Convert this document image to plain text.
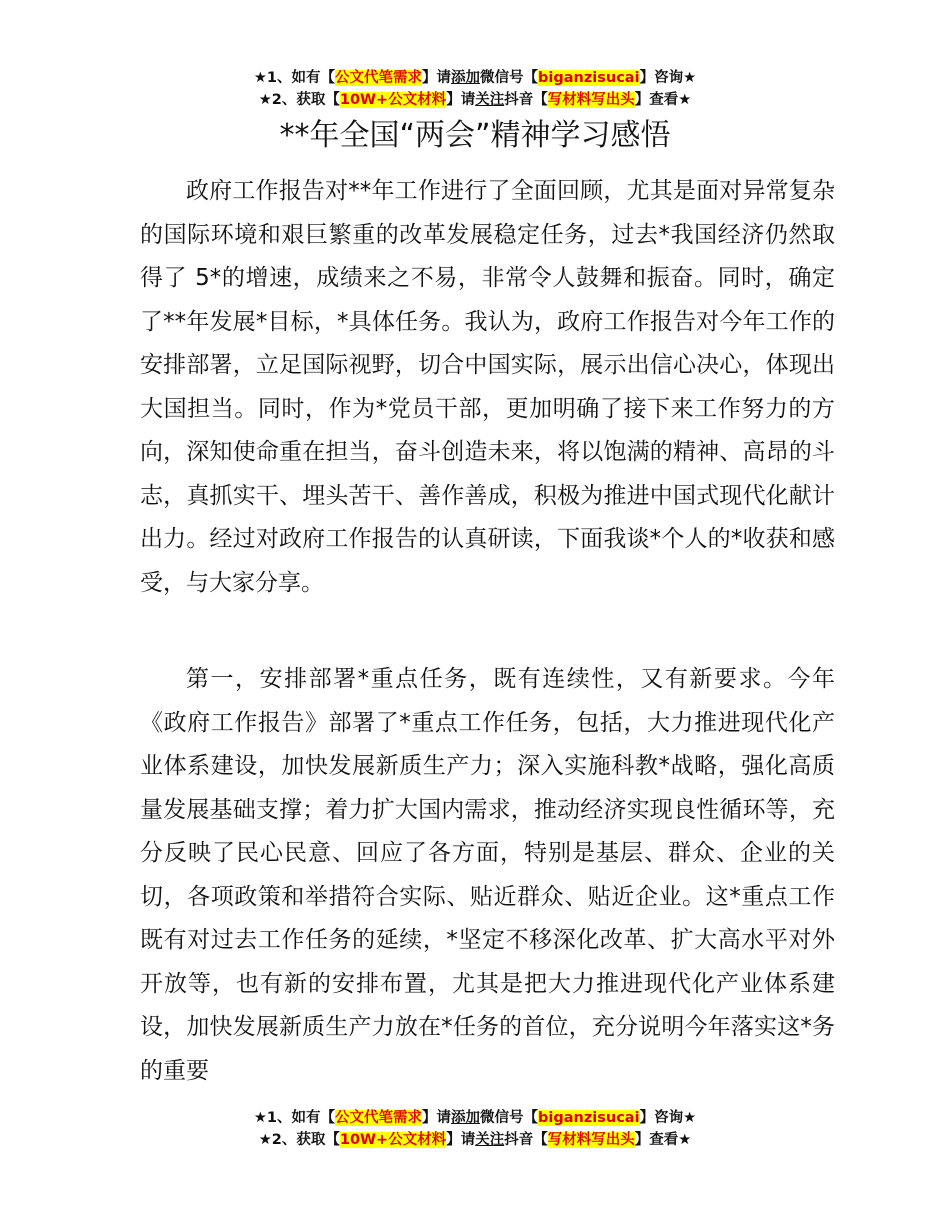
★1、如有【公文代笔需求】请添加微信号【biganzisucai】咨询★
★2、获取【10W+公文材料】请关注抖音【写材料写出头】查看★
**年全国“两会”精神学习感悟

政府工作报告对**年工作进行了全面回顾，尤其是面对异常复杂的国际环境和艰巨繁重的改革发展稳定任务，过去*我国经济仍然取得了 5*的增速，成绩来之不易，非常令人鼓舞和振奋。同时，确定了**年发展*目标，*具体任务。我认为，政府工作报告对今年工作的安排部署，立足国际视野，切合中国实际，展示出信心决心，体现出大国担当。同时，作为*党员干部，更加明确了接下来工作努力的方向，深知使命重在担当，奋斗创造未来，将以饱满的精神、高昂的斗志，真抓实干、埋头苦干、善作善成，积极为推进中国式现代化献计出力。经过对政府工作报告的认真研读，下面我谈*个人的*收获和感受，与大家分享。

第一，安排部署*重点任务，既有连续性，又有新要求。今年《政府工作报告》部署了*重点工作任务，包括，大力推进现代化产业体系建设，加快发展新质生产力；深入实施科教*战略，强化高质量发展基础支撑；着力扩大国内需求，推动经济实现良性循环等，充分反映了民心民意、回应了各方面，特别是基层、群众、企业的关切，各项政策和举措符合实际、贴近群众、贴近企业。这*重点工作既有对过去工作任务的延续，*坚定不移深化改革、扩大高水平对外开放等，也有新的安排布置，尤其是把大力推进现代化产业体系建设，加快发展新质生产力放在*任务的首位，充分说明今年落实这*务的重要

★1、如有【公文代笔需求】请添加微信号【biganzisucai】咨询★
★2、获取【10W+公文材料】请关注抖音【写材料写出头】查看★
